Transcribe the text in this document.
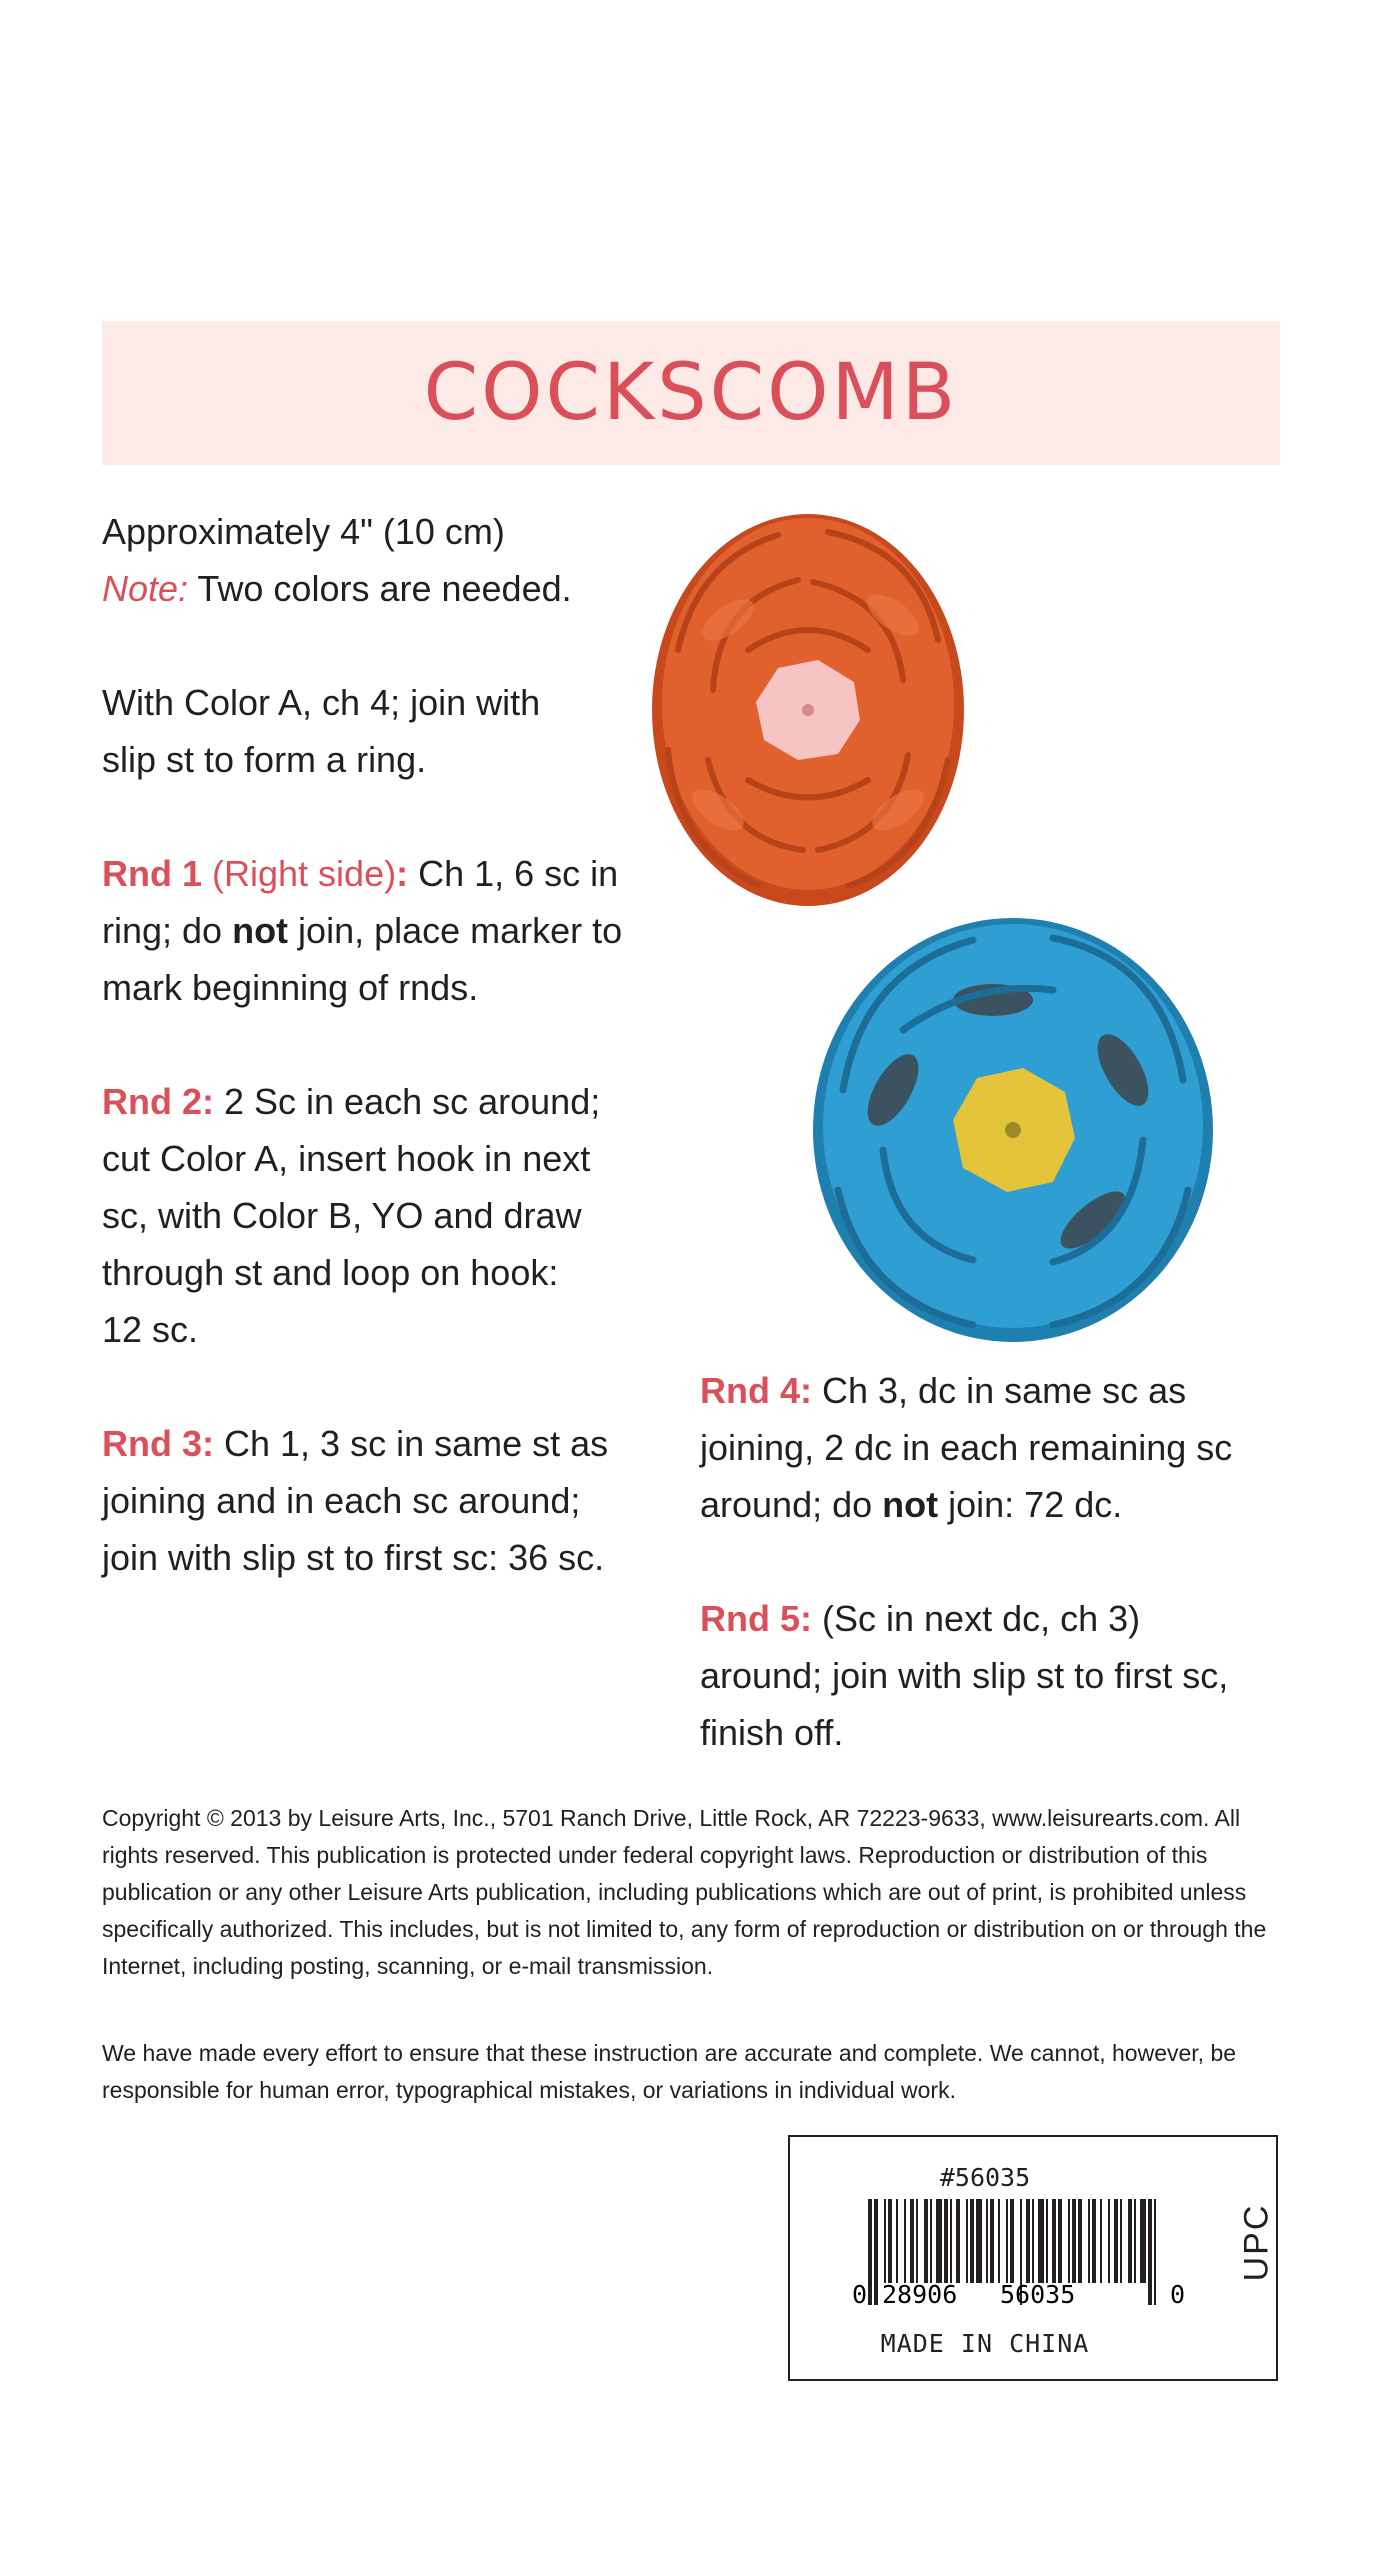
COCKSCOMB

Approximately 4" (10 cm)

Note: Two colors are needed.

With Color A, ch 4; join with
slip st to form a ring.

Rnd 1 (Right side): Ch 1, 6 sc in
ring; do not join, place marker to
mark beginning of rnds.

Rnd 2: 2 Sc in each sc around;
cut Color A, insert hook in next
sc, with Color B, YO and draw
through st and loop on hook:
12 sc.

Rnd 3: Ch 1, 3 sc in same st as
joining and in each sc around;
join with slip st to first sc: 36 sc.

Rnd 4: Ch 3, dc in same sc as
joining, 2 dc in each remaining sc
around; do not join: 72 dc.

Rnd 5: (Sc in next dc, ch 3)
around; join with slip st to first sc,
finish off.

Copyright © 2013 by Leisure Arts, Inc., 5701 Ranch Drive, Little Rock, AR 72223-9633, www.leisurearts.com. All rights reserved. This publication is protected under federal copyright laws. Reproduction or distribution of this publication or any other Leisure Arts publication, including publications which are out of print, is prohibited unless specifically authorized. This includes, but is not limited to, any form of reproduction or distribution on or through the Internet, including posting, scanning, or e-mail transmission.

We have made every effort to ensure that these instruction are accurate and complete. We cannot, however, be responsible for human error, typographical mistakes, or variations in individual work.

#56035
0 28906 56035	0
MADE IN CHINA
UPC
